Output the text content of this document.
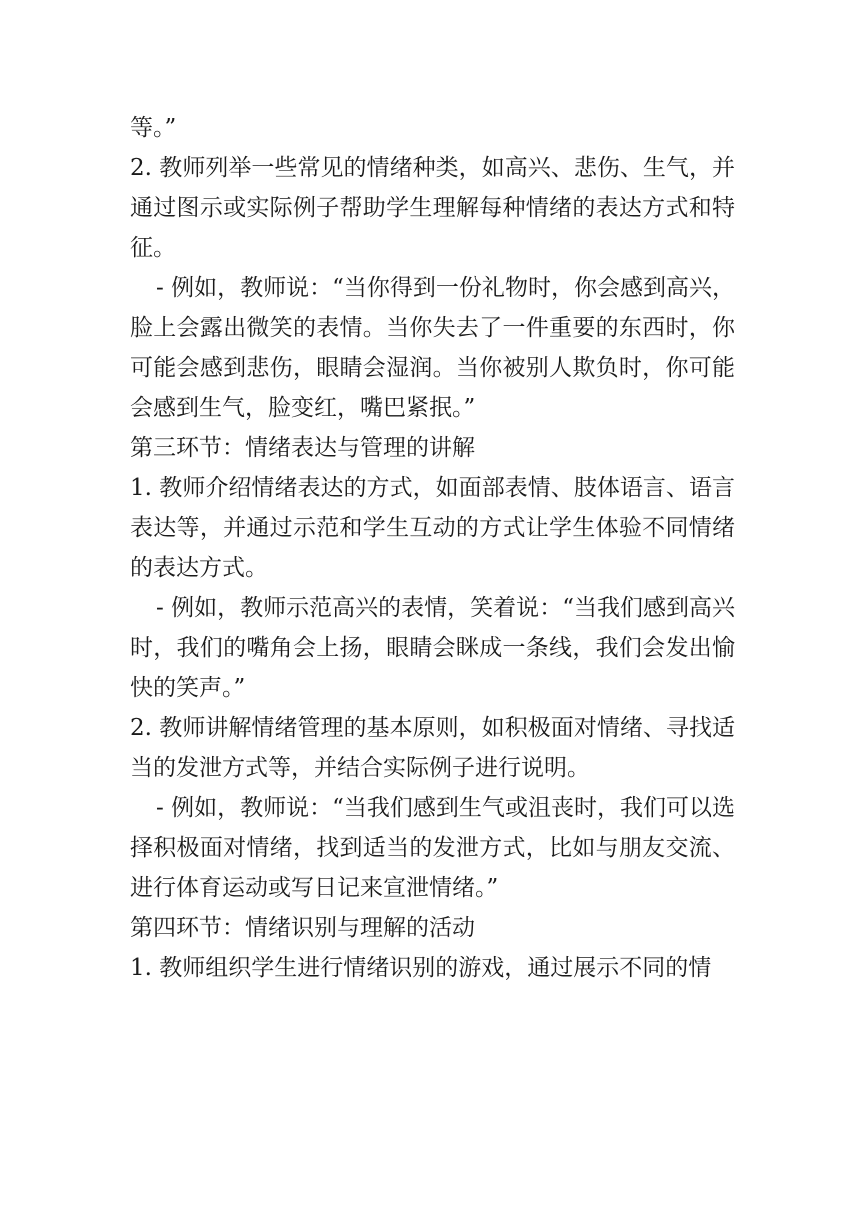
等。”

2. 教师列举一些常见的情绪种类，如高兴、悲伤、生气，并通过图示或实际例子帮助学生理解每种情绪的表达方式和特征。

- 例如，教师说：“当你得到一份礼物时，你会感到高兴，脸上会露出微笑的表情。当你失去了一件重要的东西时，你可能会感到悲伤，眼睛会湿润。当你被别人欺负时，你可能会感到生气，脸变红，嘴巴紧抿。”

第三环节：情绪表达与管理的讲解

1. 教师介绍情绪表达的方式，如面部表情、肢体语言、语言表达等，并通过示范和学生互动的方式让学生体验不同情绪的表达方式。

- 例如，教师示范高兴的表情，笑着说：“当我们感到高兴时，我们的嘴角会上扬，眼睛会眯成一条线，我们会发出愉快的笑声。”

2. 教师讲解情绪管理的基本原则，如积极面对情绪、寻找适当的发泄方式等，并结合实际例子进行说明。

- 例如，教师说：“当我们感到生气或沮丧时，我们可以选择积极面对情绪，找到适当的发泄方式，比如与朋友交流、进行体育运动或写日记来宣泄情绪。”

第四环节：情绪识别与理解的活动

1. 教师组织学生进行情绪识别的游戏，通过展示不同的情
